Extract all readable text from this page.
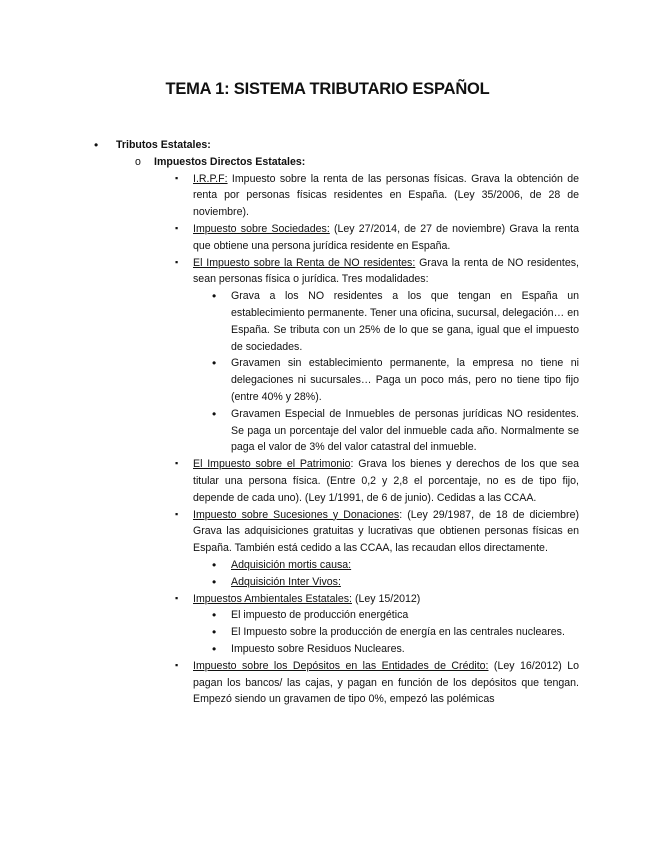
TEMA 1: SISTEMA TRIBUTARIO ESPAÑOL
• Tributos Estatales:
o Impuestos Directos Estatales:
▪ I.R.P.F: Impuesto sobre la renta de las personas físicas. Grava la obtención de renta por personas físicas residentes en España. (Ley 35/2006, de 28 de noviembre).
▪ Impuesto sobre Sociedades: (Ley 27/2014, de 27 de noviembre) Grava la renta que obtiene una persona jurídica residente en España.
▪ El Impuesto sobre la Renta de NO residentes: Grava la renta de NO residentes, sean personas física o jurídica. Tres modalidades:
• Grava a los NO residentes a los que tengan en España un establecimiento permanente. Tener una oficina, sucursal, delegación… en España. Se tributa con un 25% de lo que se gana, igual que el impuesto de sociedades.
• Gravamen sin establecimiento permanente, la empresa no tiene ni delegaciones ni sucursales… Paga un poco más, pero no tiene tipo fijo (entre 40% y 28%).
• Gravamen Especial de Inmuebles de personas jurídicas NO residentes. Se paga un porcentaje del valor del inmueble cada año. Normalmente se paga el valor de 3% del valor catastral del inmueble.
▪ El Impuesto sobre el Patrimonio: Grava los bienes y derechos de los que sea titular una persona física. (Entre 0,2 y 2,8 el porcentaje, no es de tipo fijo, depende de cada uno). (Ley 1/1991, de 6 de junio). Cedidas a las CCAA.
▪ Impuesto sobre Sucesiones y Donaciones: (Ley 29/1987, de 18 de diciembre) Grava las adquisiciones gratuitas y lucrativas que obtienen personas físicas en España. También está cedido a las CCAA, las recaudan ellos directamente.
• Adquisición mortis causa:
• Adquisición Inter Vivos:
▪ Impuestos Ambientales Estatales: (Ley 15/2012)
• El impuesto de producción energética
• El Impuesto sobre la producción de energía en las centrales nucleares.
• Impuesto sobre Residuos Nucleares.
▪ Impuesto sobre los Depósitos en las Entidades de Crédito: (Ley 16/2012) Lo pagan los bancos/ las cajas, y pagan en función de los depósitos que tengan. Empezó siendo un gravamen de tipo 0%, empezó las polémicas
